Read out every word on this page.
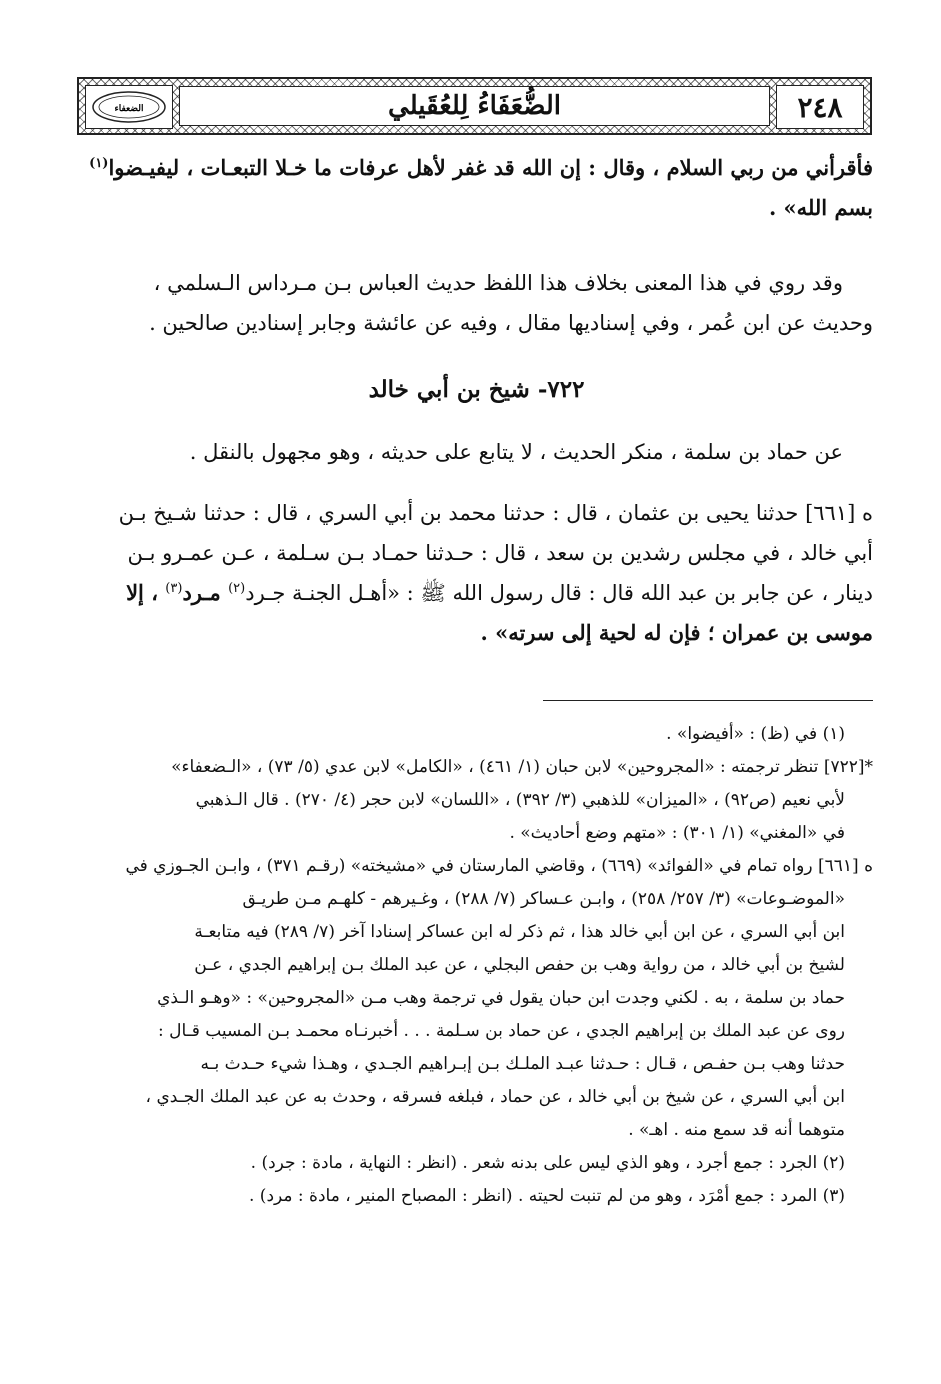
٢٤٨
الضُّعَفَاءُ لِلعُقَيلي
الضعفاء

فأقرأني من ربي السلام ، وقال : إن الله قد غفر لأهل عرفات ما خـلا التبعـات ، ليفيـضوا$^{(١)}$

بسم الله» .

وقد روي في هذا المعنى بخلاف هذا اللفظ حديث العباس بـن مـرداس الـسلمي ،

وحديث عن ابن عُمر ، وفي إسناديها مقال ، وفيه عن عائشة وجابر إسنادين صالحين .

٧٢٢- شيخ بن أبي خالد

عن حماد بن سلمة ، منكر الحديث ، لا يتابع على حديثه ، وهو مجهول بالنقل .

ه [٦٦١] حدثنا يحيى بن عثمان ، قال : حدثنا محمد بن أبي السري ، قال : حدثنا شـيخ بـن

أبي خالد ، في مجلس رشدين بن سعد ، قال : حـدثنا حمـاد بـن سـلمة ، عـن عمـرو بـن

دينار ، عن جابر بن عبد الله قال : قال رسول الله ﷺ : «أهـل الجنـة جـرد$^{(٢)}$ مـرد$^{(٣)}$ ، إلا

موسى بن عمران ؛ فإن له لحية إلى سرته» .

(١) في (ظ) : «أفيضوا» .

*[٧٢٢] تنظر ترجمته : «المجروحين» لابن حبان (١/ ٤٦١) ، «الكامل» لابن عدي (٥/ ٧٣) ، «الـضعفاء»

لأبي نعيم (ص٩٢) ، «الميزان» للذهبي (٣/ ٣٩٢) ، «اللسان» لابن حجر (٤/ ٢٧٠) . قال الـذهبي

في «المغني» (١/ ٣٠١) : «متهم وضع أحاديث» .

ه [٦٦١] رواه تمام في «الفوائد» (٦٦٩) ، وقاضي المارستان في «مشيخته» (رقـم ٣٧١) ، وابـن الجـوزي في

«الموضـوعات» (٣/ ٢٥٧/ ٢٥٨) ، وابـن عـساكر (٧/ ٢٨٨) ، وغـيرهم - كلهـم مـن طريـق

ابن أبي السري ، عن ابن أبي خالد هذا ، ثم ذكر له ابن عساكر إسنادا آخر (٧/ ٢٨٩) فيه متابعـة

لشيخ بن أبي خالد ، من رواية وهب بن حفص البجلي ، عن عبد الملك بـن إبراهيم الجدي ، عـن

حماد بن سلمة ، به . لكني وجدت ابن حبان يقول في ترجمة وهب مـن «المجروحين» : «وهـو الـذي

روى عن عبد الملك بن إبراهيم الجدي ، عن حماد بن سـلمة . . . أخبرنـاه محمـد بـن المسيب قـال :

حدثنا وهب بـن حفـص ، قـال : حـدثنا عبـد الملـك بـن إبـراهيم الجـدي ، وهـذا شيء حـدث بـه

ابن أبي السري ، عن شيخ بن أبي خالد ، عن حماد ، فبلغه فسرقه ، وحدث به عن عبد الملك الجـدي ،

متوهما أنه قد سمع منه . اهـ» .

(٢) الجرد : جمع أجرد ، وهو الذي ليس على بدنه شعر . (انظر : النهاية ، مادة : جرد) .

(٣) المرد : جمع أمْرَد ، وهو من لم تنبت لحيته . (انظر : المصباح المنير ، مادة : مرد) .
